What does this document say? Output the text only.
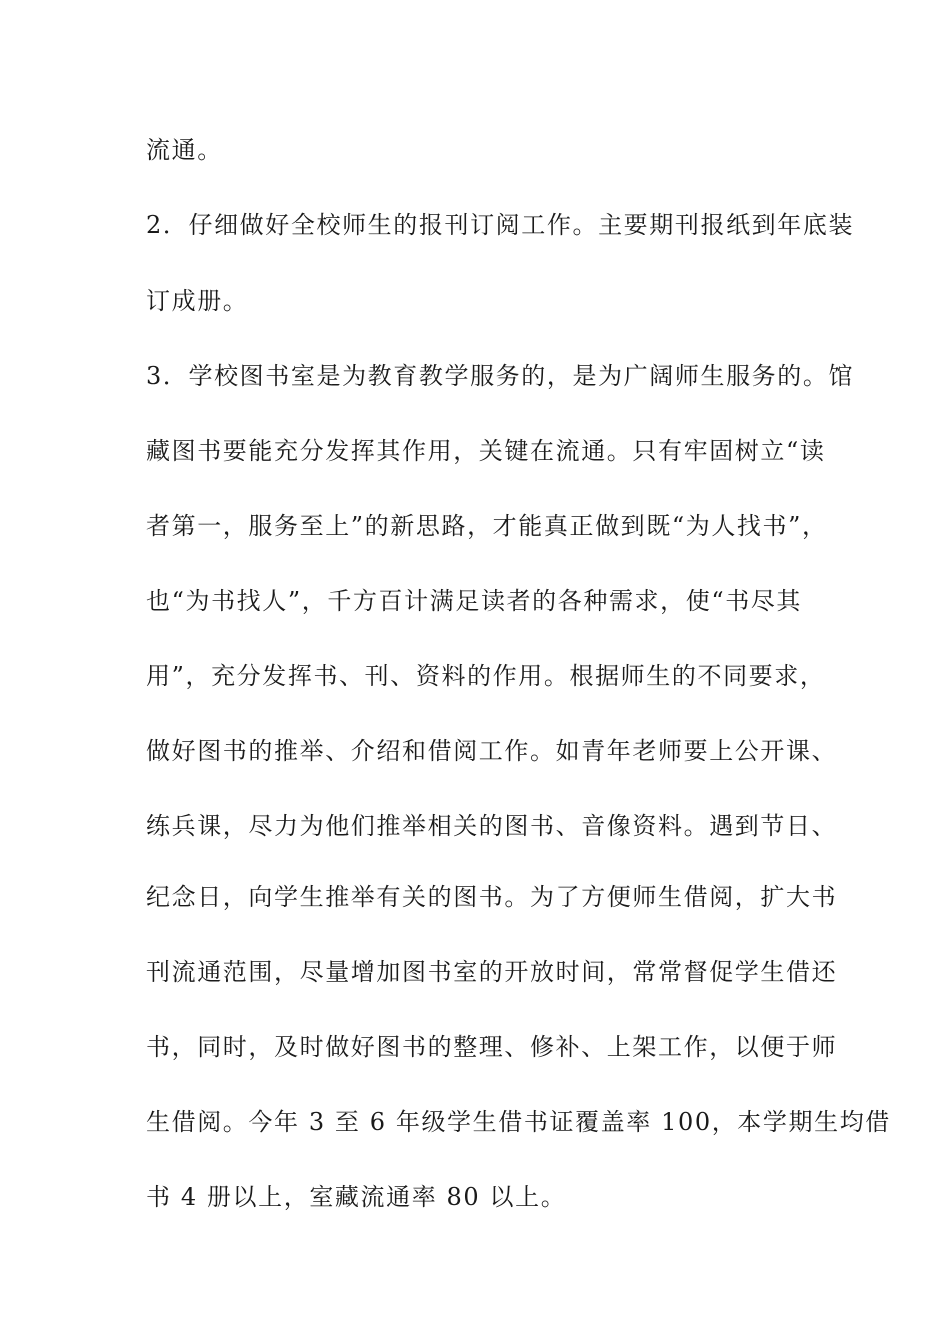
流通。
2．仔细做好全校师生的报刊订阅工作。主要期刊报纸到年底装
订成册。
3．学校图书室是为教育教学服务的，是为广阔师生服务的。馆
藏图书要能充分发挥其作用，关键在流通。只有牢固树立“读
者第一，服务至上”的新思路，才能真正做到既“为人找书”，
也“为书找人”，千方百计满足读者的各种需求，使“书尽其
用”，充分发挥书、刊、资料的作用。根据师生的不同要求，
做好图书的推举、介绍和借阅工作。如青年老师要上公开课、
练兵课，尽力为他们推举相关的图书、音像资料。遇到节日、
纪念日，向学生推举有关的图书。为了方便师生借阅，扩大书
刊流通范围，尽量增加图书室的开放时间，常常督促学生借还
书，同时，及时做好图书的整理、修补、上架工作，以便于师
生借阅。今年 3 至 6 年级学生借书证覆盖率 100，本学期生均借
书 4 册以上，室藏流通率 80 以上。
